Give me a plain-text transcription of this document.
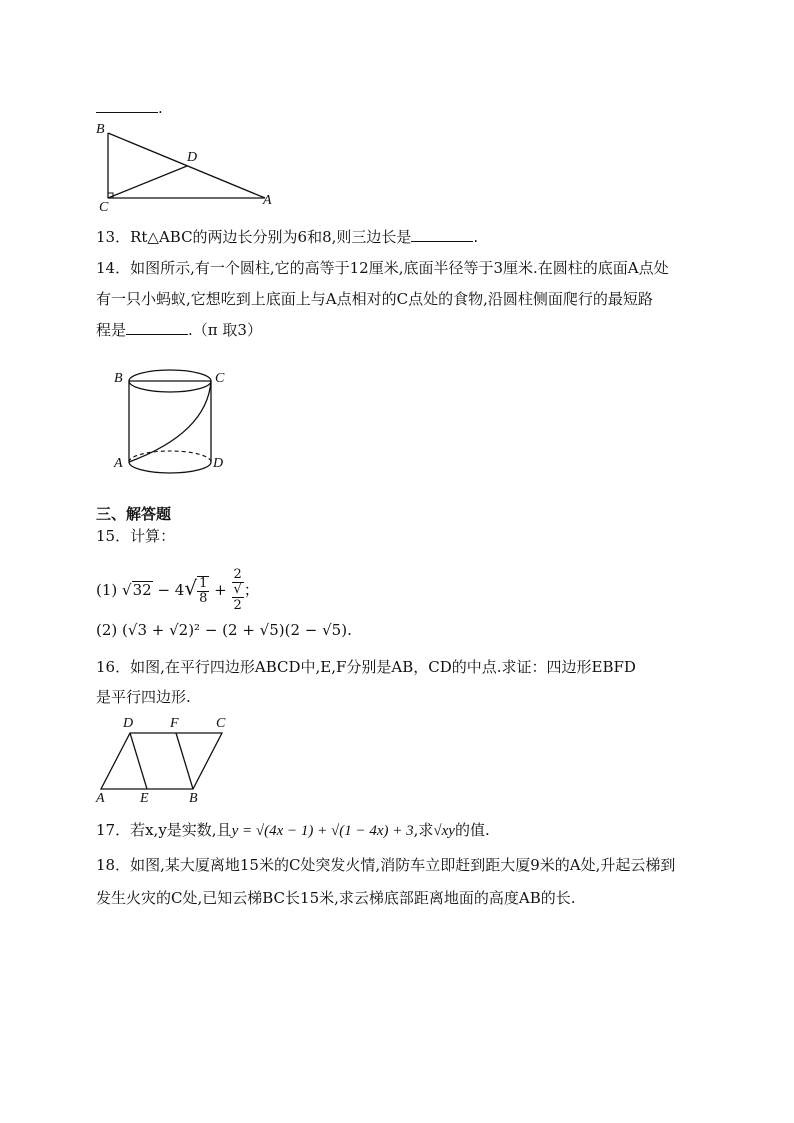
.
B
D
C	A
13．Rt△ABC的两边长分别为6和8,则三边长是	.
14．如图所示,有一个圆柱,它的高等于12厘米,底面半径等于3厘米.在圆柱的底面A点处
有一只小蚂蚁,它想吃到上底面上与A点相对的C点处的食物,沿圆柱侧面爬行的最短路
程是	.（π 取3）
B	C
A	D
三、解答题
15．计算：
(1) $√32 - 4√ \frac{1}{8} + 2$
√
2 ；
(2) (√3 + √2)² − (2 + √5)(2 − √5).
16．如图,在平行四边形ABCD中,E,F分别是AB，CD的中点.求证：四边形EBFD
是平行四边形.
D	F	C
A	E	B
17．若x,y是实数,且y = √(4x − 1) + √(1 − 4x) + 3,求√xy的值.
18．如图,某大厦离地15米的C处突发火情,消防车立即赶到距大厦9米的A处,升起云梯到
发生火灾的C处,已知云梯BC长15米,求云梯底部距离地面的高度AB的长.
